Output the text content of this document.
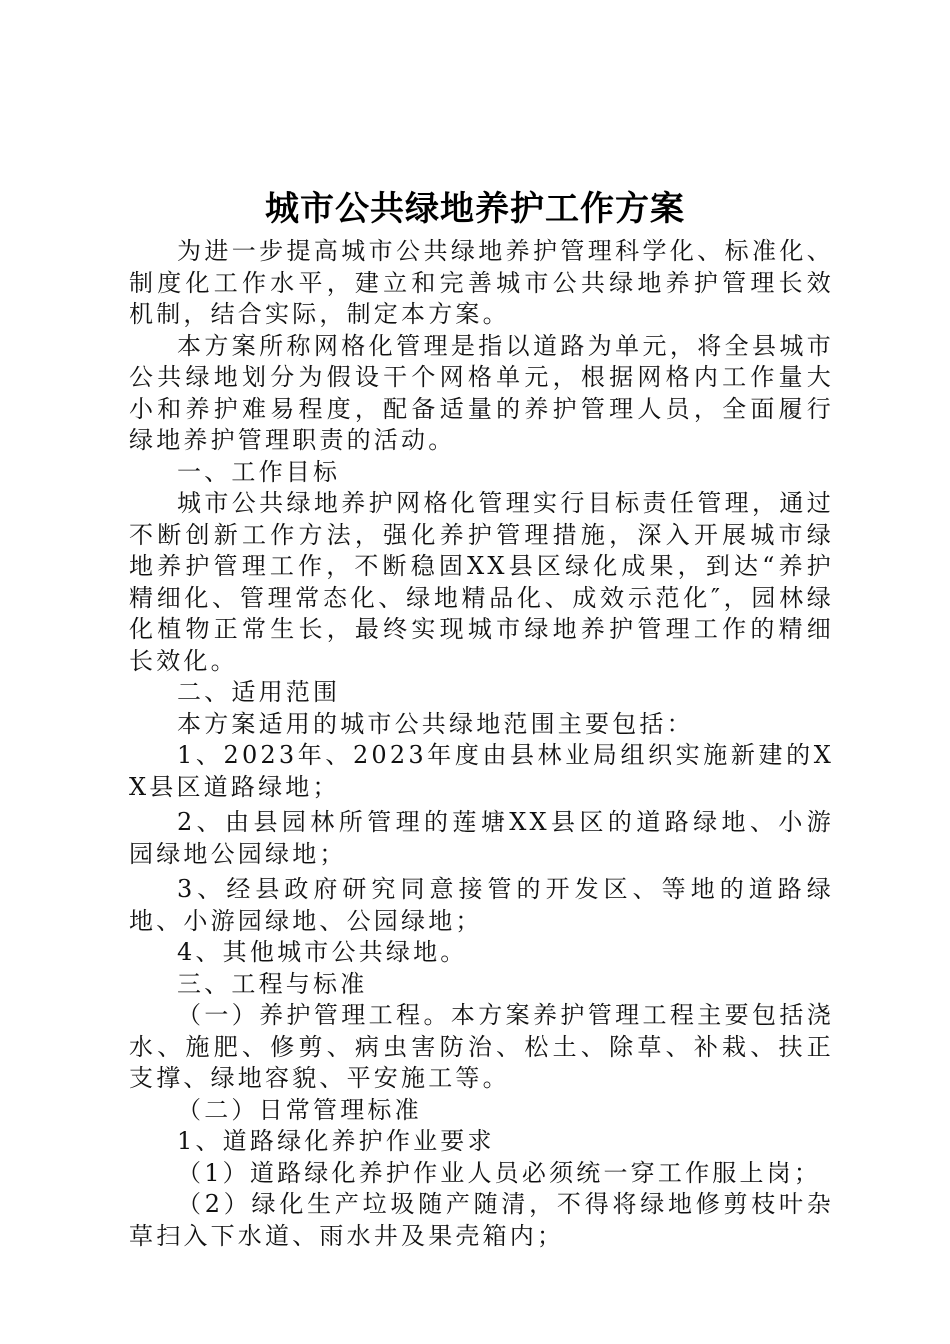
城市公共绿地养护工作方案

为进一步提高城市公共绿地养护管理科学化、标准化、制度化工作水平，建立和完善城市公共绿地养护管理长效机制，结合实际，制定本方案。

本方案所称网格化管理是指以道路为单元，将全县城市公共绿地划分为假设干个网格单元，根据网格内工作量大小和养护难易程度，配备适量的养护管理人员，全面履行绿地养护管理职责的活动。

一、工作目标

城市公共绿地养护网格化管理实行目标责任管理，通过不断创新工作方法，强化养护管理措施，深入开展城市绿地养护管理工作，不断稳固XX县区绿化成果，到达“养护精细化、管理常态化、绿地精品化、成效示范化″，园林绿化植物正常生长，最终实现城市绿地养护管理工作的精细长效化。

二、适用范围

本方案适用的城市公共绿地范围主要包括：

1、2023年、2023年度由县林业局组织实施新建的XX县区道路绿地；

2、由县园林所管理的莲塘XX县区的道路绿地、小游园绿地公园绿地；

3、经县政府研究同意接管的开发区、等地的道路绿地、小游园绿地、公园绿地；

4、其他城市公共绿地。

三、工程与标准

（一）养护管理工程。本方案养护管理工程主要包括浇水、施肥、修剪、病虫害防治、松土、除草、补栽、扶正支撑、绿地容貌、平安施工等。

（二）日常管理标准

1、道路绿化养护作业要求

（1）道路绿化养护作业人员必须统一穿工作服上岗；

（2）绿化生产垃圾随产随清，不得将绿地修剪枝叶杂草扫入下水道、雨水井及果壳箱内；
